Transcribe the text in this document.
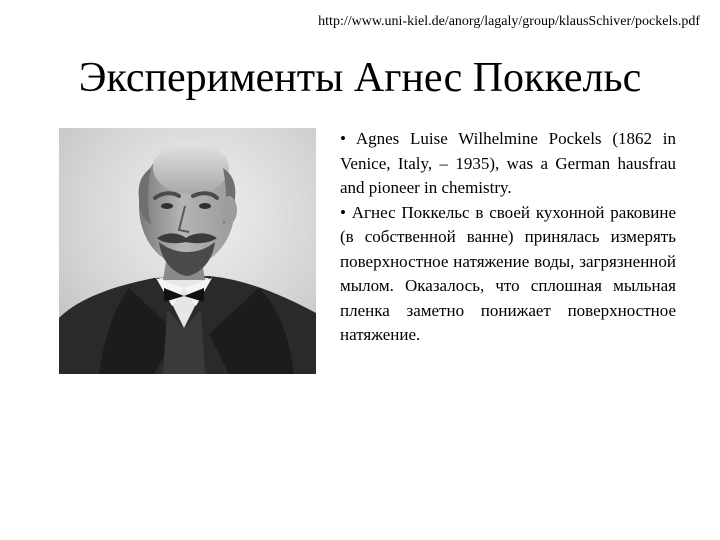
http://www.uni-kiel.de/anorg/lagaly/group/klausSchiver/pockels.pdf
Эксперименты Агнес Поккельс

• Agnes Luise Wilhelmine Pockels (1862 in Venice, Italy, – 1935), was a German hausfrau and pioneer in chemistry.

• Агнес Поккельс в своей кухонной раковине (в собственной ванне) принялась измерять поверхностное натяжение воды, загрязненной мылом. Оказалось, что сплошная мыльная пленка заметно понижает поверхностное натяжение.
